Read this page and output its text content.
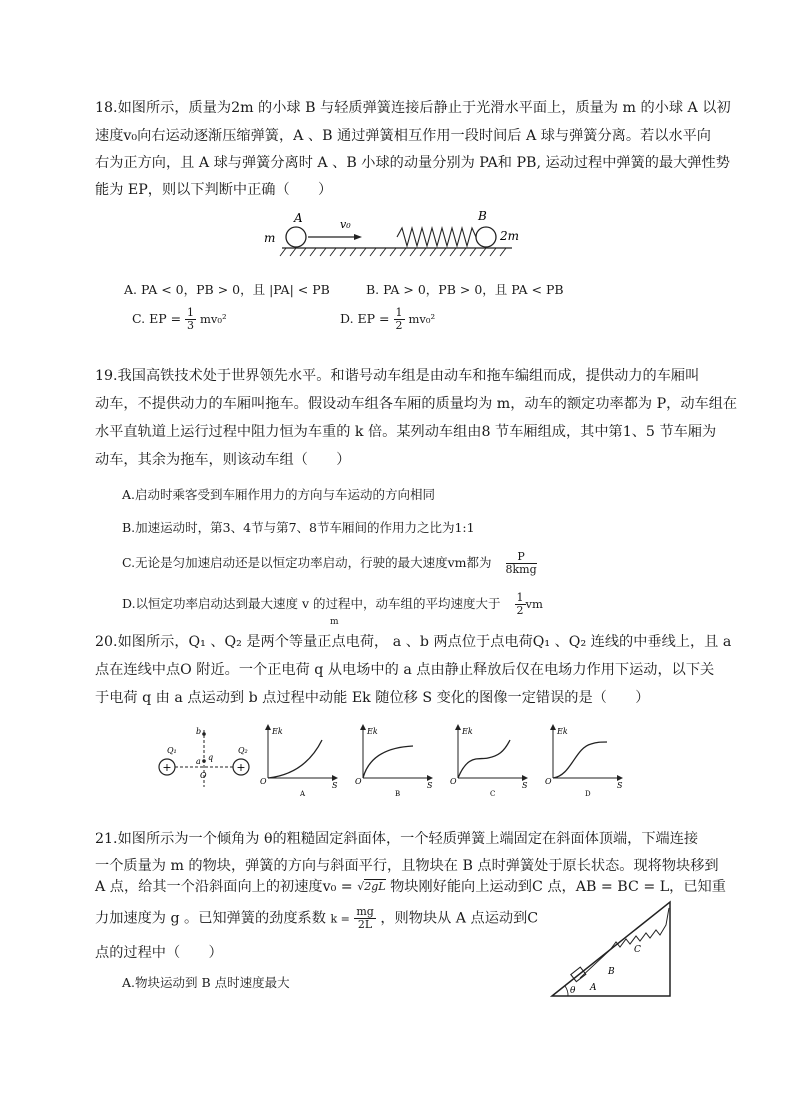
18.如图所示，质量为2m 的小球 B 与轻质弹簧连接后静止于光滑水平面上，质量为 m 的小球 A 以初
速度v₀向右运动逐渐压缩弹簧，A 、B 通过弹簧相互作用一段时间后 A 球与弹簧分离。若以水平向
右为正方向，且 A 球与弹簧分离时 A 、B 小球的动量分别为 PA和 PB, 运动过程中弹簧的最大弹性势
能为 EP，则以下判断中正确（　　）
m
A	v₀
B
2m
A. PA < 0，PB > 0，且 |PA| < PB	B. PA > 0，PB > 0，且 PA < PB
C. EP = $\frac{1}{3} mv_0^2$	D. EP = $\frac{1}{2} mv_0^2$
19.我国高铁技术处于世界领先水平。和谐号动车组是由动车和拖车编组而成，提供动力的车厢叫
动车，不提供动力的车厢叫拖车。假设动车组各车厢的质量均为 m，动车的额定功率都为 P，动车组在
水平直轨道上运行过程中阻力恒为车重的 k 倍。某列动车组由8 节车厢组成，其中第1、5 节车厢为
动车，其余为拖车，则该动车组（　　）
A.启动时乘客受到车厢作用力的方向与车运动的方向相同
B.加速运动时，第3、4节与第7、8节车厢间的作用力之比为1:1
C.无论是匀加速启动还是以恒定功率启动，行驶的最大速度vm都为 $\frac{P}{\text{8kmg}}$
D.以恒定功率启动达到最大速度 v 的过程中，动车组的平均速度大于 $\frac{1}{2}$ vm
m
20.如图所示，Q₁ 、Q₂ 是两个等量正点电荷， a 、b 两点位于点电荷Q₁ 、Q₂ 连线的中垂线上，且 a
点在连线中点O 附近。一个正电荷 q 从电场中的 a 点由静止释放后仅在电场力作用下运动，以下关
于电荷 q 由 a 点运动到 b 点过程中动能 Ek 随位移 S 变化的图像一定错误的是（　　）
Q₁
+
Q₂
+
b
a q
O
Ek
O	S
A
Ek
O	S
B
Ek
O	S
C
Ek
O	S
D
21.如图所示为一个倾角为 θ的粗糙固定斜面体，一个轻质弹簧上端固定在斜面体顶端，下端连接
一个质量为 m 的物块，弹簧的方向与斜面平行，且物块在 B 点时弹簧处于原长状态。现将物块移到
A 点，给其一个沿斜面向上的初速度v₀ = √2gL 物块刚好能向上运动到C 点，AB = BC = L，已知重
力加速度为 g 。已知弹簧的劲度系数 $k = \frac{mg}{2L}$ ，则物块从 A 点运动到C
点的过程中（　　）
A.物块运动到 B 点时速度最大	A
B
C
θ
